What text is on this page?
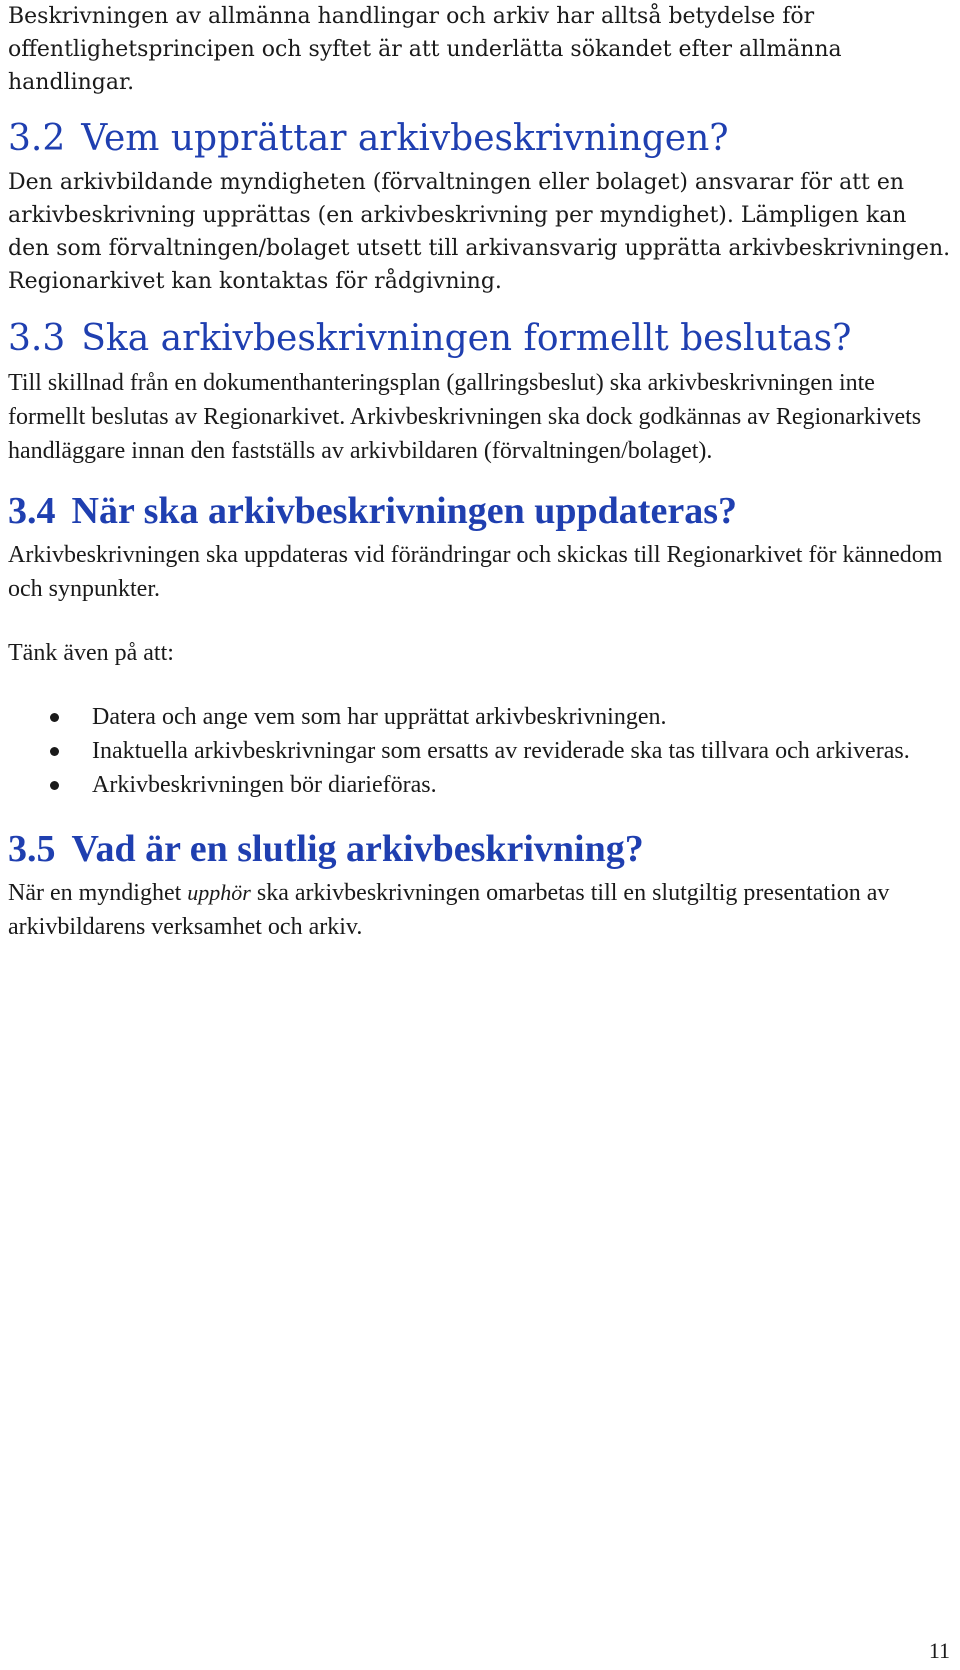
Beskrivningen av allmänna handlingar och arkiv har alltså betydelse för offentlighetsprincipen och syftet är att underlätta sökandet efter allmänna handlingar.

3.2 Vem upprättar arkivbeskrivningen?

Den arkivbildande myndigheten (förvaltningen eller bolaget) ansvarar för att en arkivbeskrivning upprättas (en arkivbeskrivning per myndighet). Lämpligen kan den som förvaltningen/bolaget utsett till arkivansvarig upprätta arkivbeskrivningen. Regionarkivet kan kontaktas för rådgivning.

3.3 Ska arkivbeskrivningen formellt beslutas?

Till skillnad från en dokumenthanteringsplan (gallringsbeslut) ska arkivbeskrivningen inte formellt beslutas av Regionarkivet. Arkivbeskrivningen ska dock godkännas av Regionarkivets handläggare innan den fastställs av arkivbildaren (förvaltningen/bolaget).

3.4 När ska arkivbeskrivningen uppdateras?

Arkivbeskrivningen ska uppdateras vid förändringar och skickas till Regionarkivet för kännedom och synpunkter.

Tänk även på att:

Datera och ange vem som har upprättat arkivbeskrivningen.
Inaktuella arkivbeskrivningar som ersatts av reviderade ska tas tillvara och arkiveras.
Arkivbeskrivningen bör diarieföras.
3.5 Vad är en slutlig arkivbeskrivning?

När en myndighet upphör ska arkivbeskrivningen omarbetas till en slutgiltig presentation av arkivbildarens verksamhet och arkiv.

11
